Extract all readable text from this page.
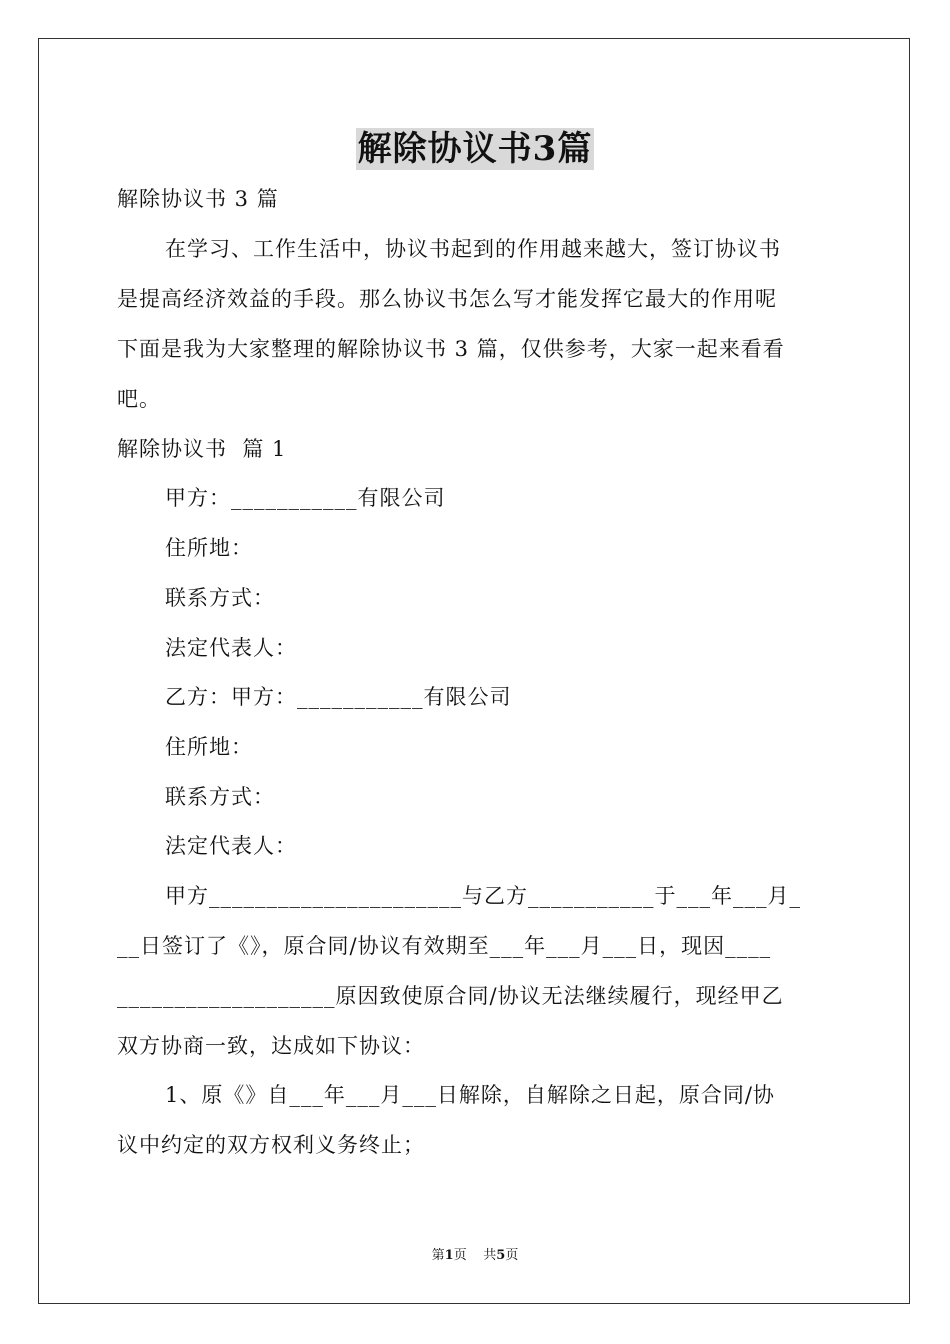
解除协议书3篇
解除协议书 3 篇
在学习、工作生活中，协议书起到的作用越来越大，签订协议书
是提高经济效益的手段。那么协议书怎么写才能发挥它最大的作用呢
下面是我为大家整理的解除协议书 3 篇，仅供参考，大家一起来看看
吧。
解除协议书  篇 1
甲方：___________有限公司
住所地：
联系方式：
法定代表人：
乙方：甲方：___________有限公司
住所地：
联系方式：
法定代表人：
甲方______________________与乙方___________于___年___月_
__日签订了《》，原合同/协议有效期至___年___月___日，现因____
___________________原因致使原合同/协议无法继续履行，现经甲乙
双方协商一致，达成如下协议：
1、原《》自___年___月___日解除，自解除之日起，原合同/协
议中约定的双方权利义务终止；
第1页 共5页
